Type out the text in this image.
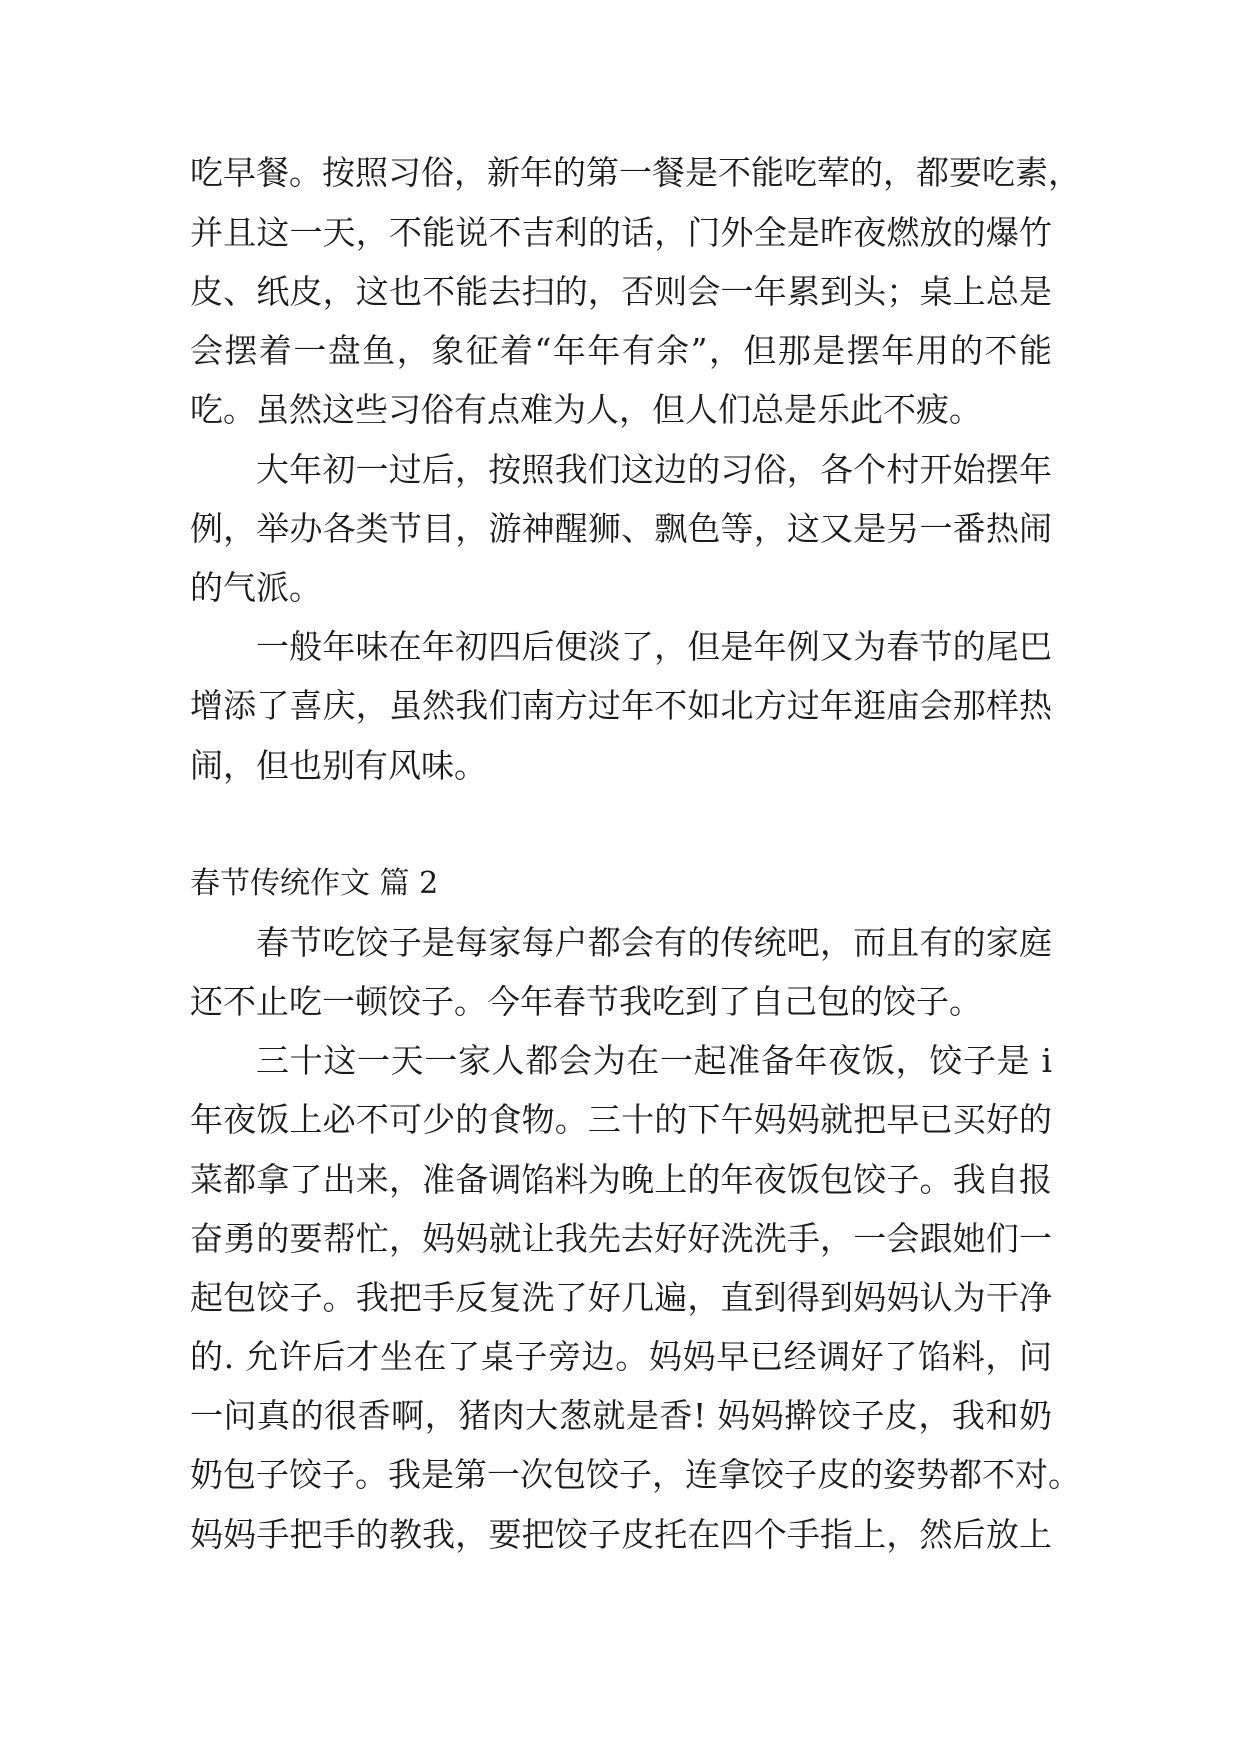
吃早餐。按照习俗，新年的第一餐是不能吃荤的，都要吃素，
并且这一天，不能说不吉利的话，门外全是昨夜燃放的爆竹
皮、纸皮，这也不能去扫的，否则会一年累到头；桌上总是
会摆着一盘鱼，象征着“年年有余”，但那是摆年用的不能
吃。虽然这些习俗有点难为人，但人们总是乐此不疲。
大年初一过后，按照我们这边的习俗，各个村开始摆年
例，举办各类节目，游神醒狮、飘色等，这又是另一番热闹
的气派。
一般年味在年初四后便淡了，但是年例又为春节的尾巴
增添了喜庆，虽然我们南方过年不如北方过年逛庙会那样热
闹，但也别有风味。
春节传统作文 篇 2
春节吃饺子是每家每户都会有的传统吧，而且有的家庭
还不止吃一顿饺子。今年春节我吃到了自己包的饺子。
三十这一天一家人都会为在一起准备年夜饭，饺子是 i
年夜饭上必不可少的食物。三十的下午妈妈就把早已买好的
菜都拿了出来，准备调馅料为晚上的年夜饭包饺子。我自报
奋勇的要帮忙，妈妈就让我先去好好洗洗手，一会跟她们一
起包饺子。我把手反复洗了好几遍，直到得到妈妈认为干净
的. 允许后才坐在了桌子旁边。妈妈早已经调好了馅料，问
一问真的很香啊，猪肉大葱就是香! 妈妈擀饺子皮，我和奶
奶包子饺子。我是第一次包饺子，连拿饺子皮的姿势都不对。
妈妈手把手的教我，要把饺子皮托在四个手指上，然后放上
